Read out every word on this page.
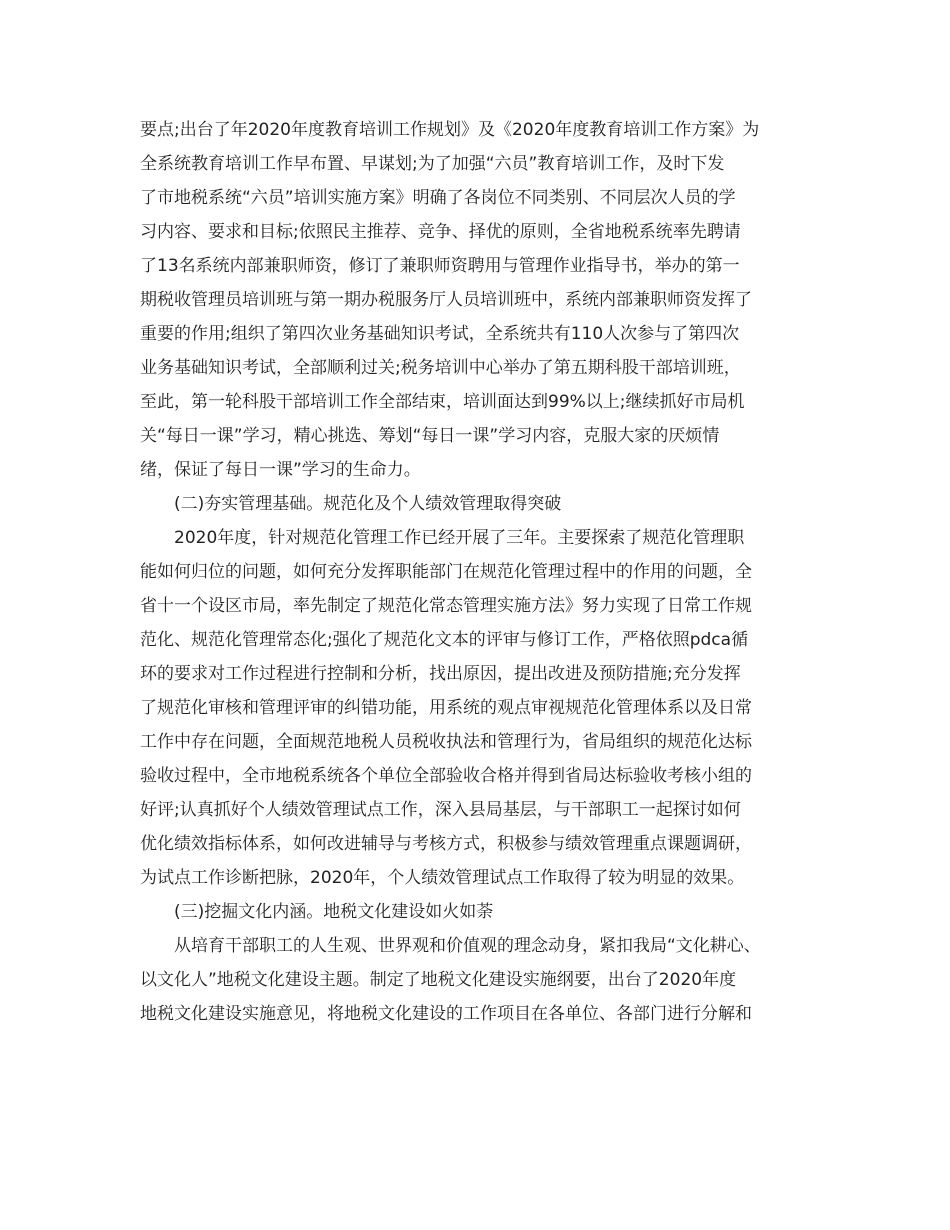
要点;出台了年2020年度教育培训工作规划》及《2020年度教育培训工作方案》为
全系统教育培训工作早布置、早谋划;为了加强“六员”教育培训工作，及时下发
了市地税系统“六员”培训实施方案》明确了各岗位不同类别、不同层次人员的学
习内容、要求和目标;依照民主推荐、竞争、择优的原则，全省地税系统率先聘请
了13名系统内部兼职师资，修订了兼职师资聘用与管理作业指导书，举办的第一
期税收管理员培训班与第一期办税服务厅人员培训班中，系统内部兼职师资发挥了
重要的作用;组织了第四次业务基础知识考试，全系统共有110人次参与了第四次
业务基础知识考试，全部顺利过关;税务培训中心举办了第五期科股干部培训班，
至此，第一轮科股干部培训工作全部结束，培训面达到99%以上;继续抓好市局机
关“每日一课”学习，精心挑选、筹划“每日一课”学习内容，克服大家的厌烦情
绪，保证了每日一课”学习的生命力。
　　(二)夯实管理基础。规范化及个人绩效管理取得突破
　　2020年度，针对规范化管理工作已经开展了三年。主要探索了规范化管理职
能如何归位的问题，如何充分发挥职能部门在规范化管理过程中的作用的问题，全
省十一个设区市局，率先制定了规范化常态管理实施方法》努力实现了日常工作规
范化、规范化管理常态化;强化了规范化文本的评审与修订工作，严格依照pdca循
环的要求对工作过程进行控制和分析，找出原因，提出改进及预防措施;充分发挥
了规范化审核和管理评审的纠错功能，用系统的观点审视规范化管理体系以及日常
工作中存在问题，全面规范地税人员税收执法和管理行为，省局组织的规范化达标
验收过程中，全市地税系统各个单位全部验收合格并得到省局达标验收考核小组的
好评;认真抓好个人绩效管理试点工作，深入县局基层，与干部职工一起探讨如何
优化绩效指标体系，如何改进辅导与考核方式，积极参与绩效管理重点课题调研，
为试点工作诊断把脉，2020年，个人绩效管理试点工作取得了较为明显的效果。
　　(三)挖掘文化内涵。地税文化建设如火如荼
　　从培育干部职工的人生观、世界观和价值观的理念动身，紧扣我局“文化耕心、
以文化人”地税文化建设主题。制定了地税文化建设实施纲要，出台了2020年度
地税文化建设实施意见，将地税文化建设的工作项目在各单位、各部门进行分解和
